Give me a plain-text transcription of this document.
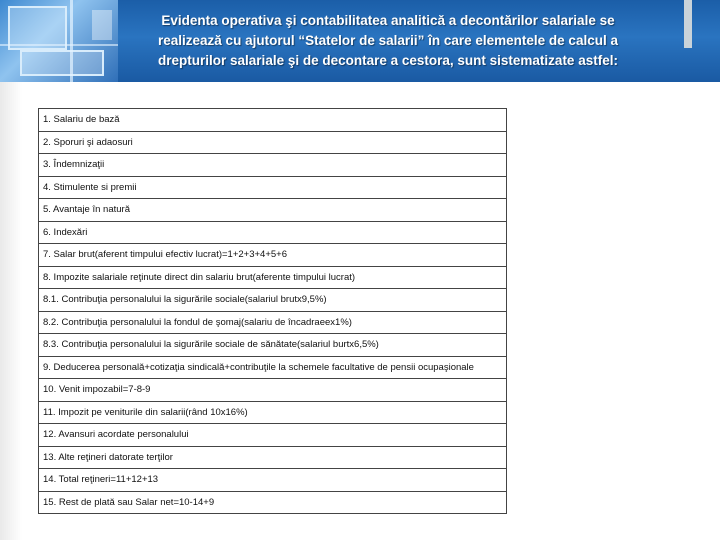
Evidenta operativa şi contabilitatea analitică a decontărilor salariale se realizează cu ajutorul “Statelor de salarii” în care elementele de calcul a drepturilor salariale şi de decontare a cestora, sunt sistematizate astfel:
1. Salariu de bază
2. Sporuri şi adaosuri
3. Îndemnizaţii
4. Stimulente si premii
5. Avantaje în natură
6. Indexări
7. Salar brut(aferent timpului efectiv lucrat)=1+2+3+4+5+6
8. Impozite salariale reţinute direct din salariu brut(aferente timpului lucrat)
8.1. Contribuţia personalului la sigurările sociale(salariul brutx9,5%)
8.2. Contribuţia personalului la fondul de şomaj(salariu de încadraeex1%)
8.3. Contribuţia personalului la sigurările sociale de sănătate(salariul burtx6,5%)
9. Deducerea personală+cotizaţia sindicală+contribuţile la schemele facultative de pensii ocupaşionale
10. Venit impozabil=7-8-9
11. Impozit pe veniturile din salarii(rând 10x16%)
12. Avansuri acordate personalului
13. Alte reţineri datorate terţilor
14. Total reţineri=11+12+13
15. Rest de plată sau Salar net=10-14+9
